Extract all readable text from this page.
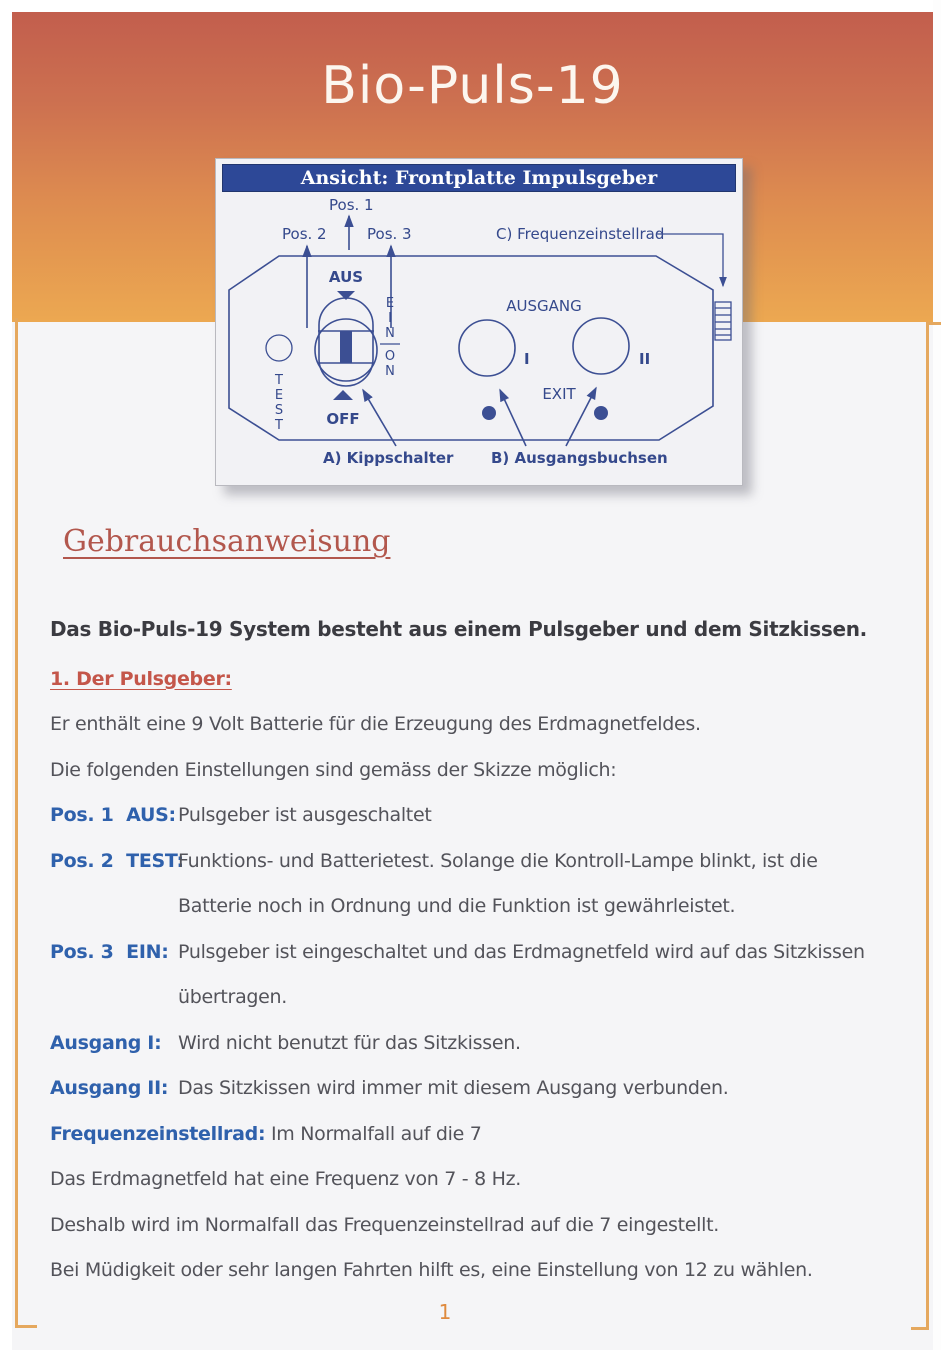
Bio-Puls-19
Ansicht: Frontplatte Impulsgeber
Pos. 1
Pos. 2	Pos. 3	C) Frequenzeinstellrad
AUS
OFF
E
I
N
O
N
T
E
S
T
AUSGANG
I	II
EXIT
A) Kippschalter	B) Ausgangsbuchsen
Gebrauchsanweisung
Das Bio-Puls-19 System besteht aus einem Pulsgeber und dem Sitzkissen.
1. Der Pulsgeber:
Er enthält eine 9 Volt Batterie für die Erzeugung des Erdmagnetfeldes.
Die folgenden Einstellungen sind gemäss der Skizze möglich:
Pos. 1  AUS: Pulsgeber ist ausgeschaltet
Pos. 2  TEST:
Funktions- und Batterietest. Solange die Kontroll-Lampe blinkt, ist die Batterie noch in Ordnung und die Funktion ist gewährleistet.
Pos. 3  EIN: Pulsgeber ist eingeschaltet und das Erdmagnetfeld wird auf das Sitzkissen übertragen.
Ausgang I: Wird nicht benutzt für das Sitzkissen.
Ausgang II: Das Sitzkissen wird immer mit diesem Ausgang verbunden.
Frequenzeinstellrad: Im Normalfall auf die 7
Das Erdmagnetfeld hat eine Frequenz von 7 - 8 Hz.
Deshalb wird im Normalfall das Frequenzeinstellrad auf die 7 eingestellt.
Bei Müdigkeit oder sehr langen Fahrten hilft es, eine Einstellung von 12 zu wählen.
1
